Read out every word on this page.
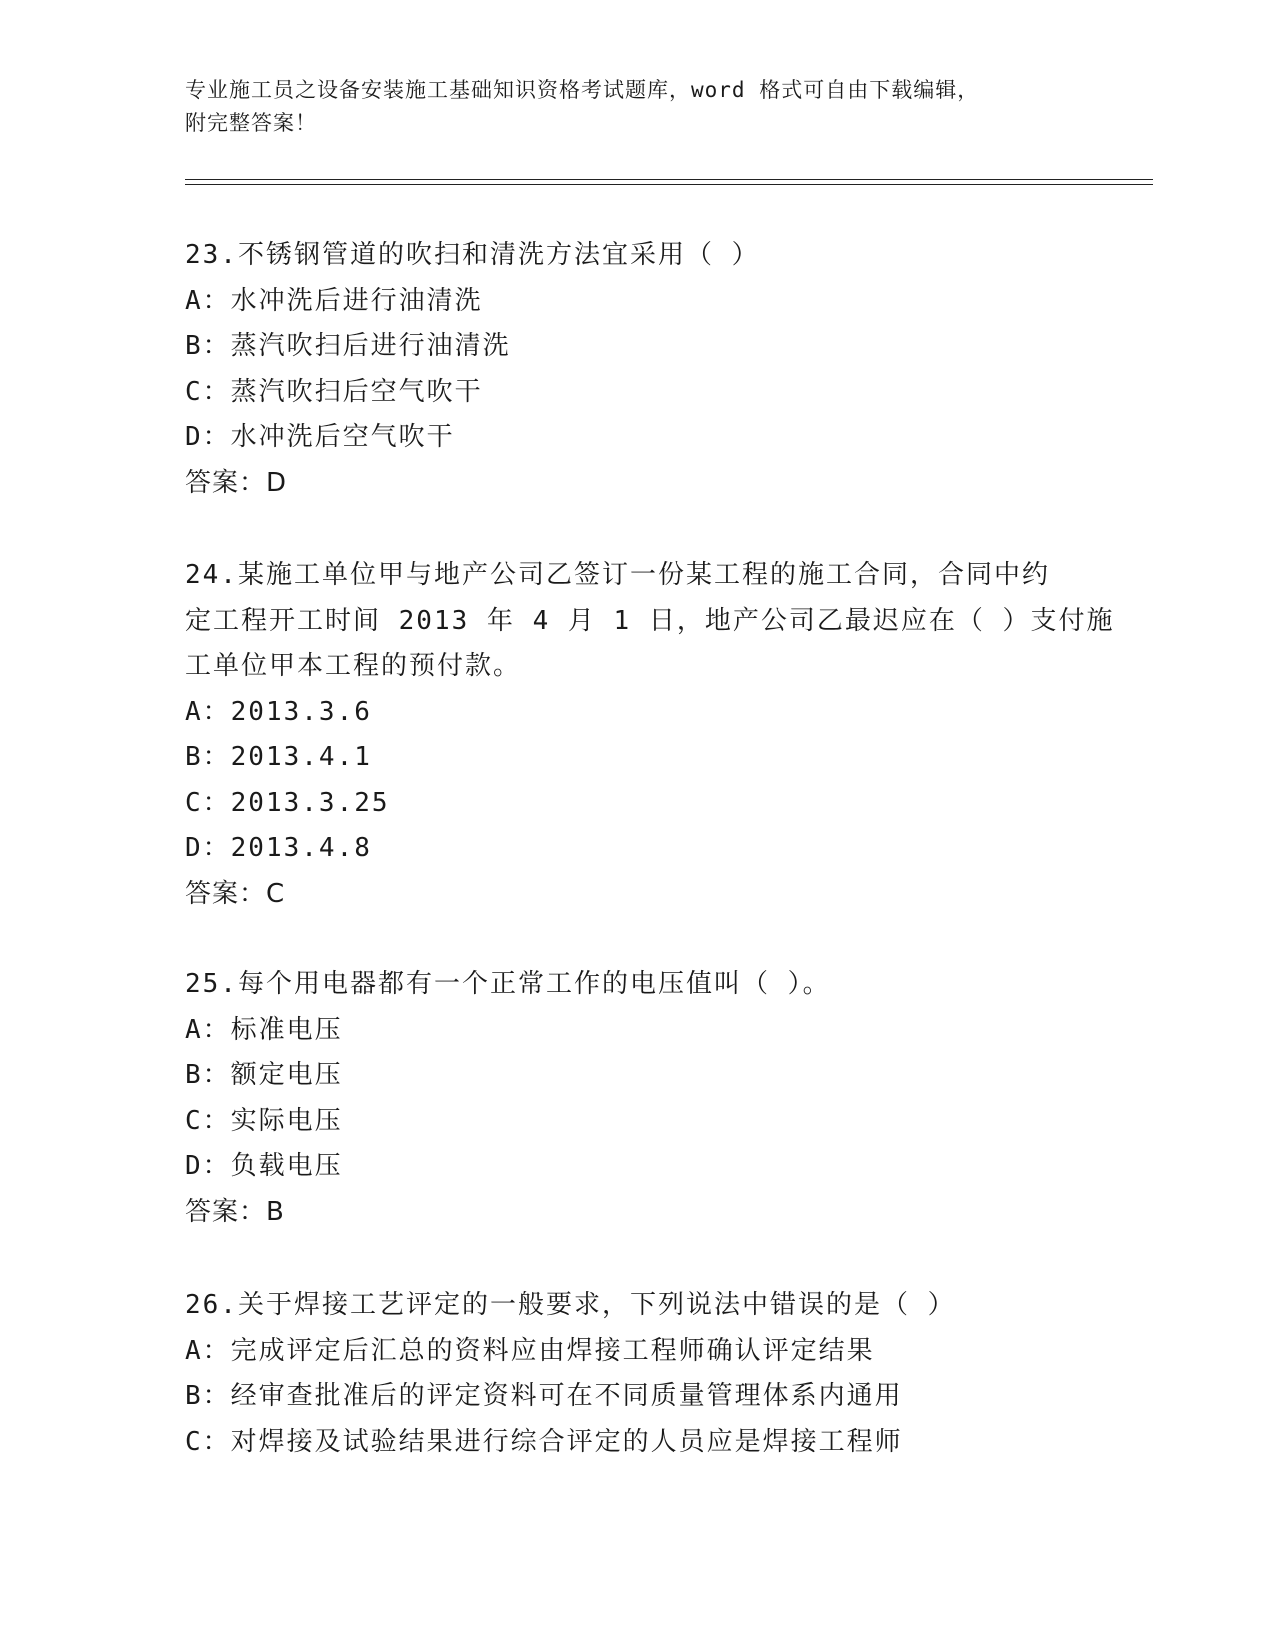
专业施工员之设备安装施工基础知识资格考试题库，word 格式可自由下载编辑，
附完整答案！
23.不锈钢管道的吹扫和清洗方法宜采用（ ）
A：水冲洗后进行油清洗
B：蒸汽吹扫后进行油清洗
C：蒸汽吹扫后空气吹干
D：水冲洗后空气吹干
答案：D
24.某施工单位甲与地产公司乙签订一份某工程的施工合同，合同中约
定工程开工时间 2013 年 4 月 1 日，地产公司乙最迟应在（ ）支付施
工单位甲本工程的预付款。
A：2013.3.6
B：2013.4.1
C：2013.3.25
D：2013.4.8
答案：C
25.每个用电器都有一个正常工作的电压值叫（ ）。
A：标准电压
B：额定电压
C：实际电压
D：负载电压
答案：B
26.关于焊接工艺评定的一般要求，下列说法中错误的是（ ）
A：完成评定后汇总的资料应由焊接工程师确认评定结果
B：经审查批准后的评定资料可在不同质量管理体系内通用
C：对焊接及试验结果进行综合评定的人员应是焊接工程师
